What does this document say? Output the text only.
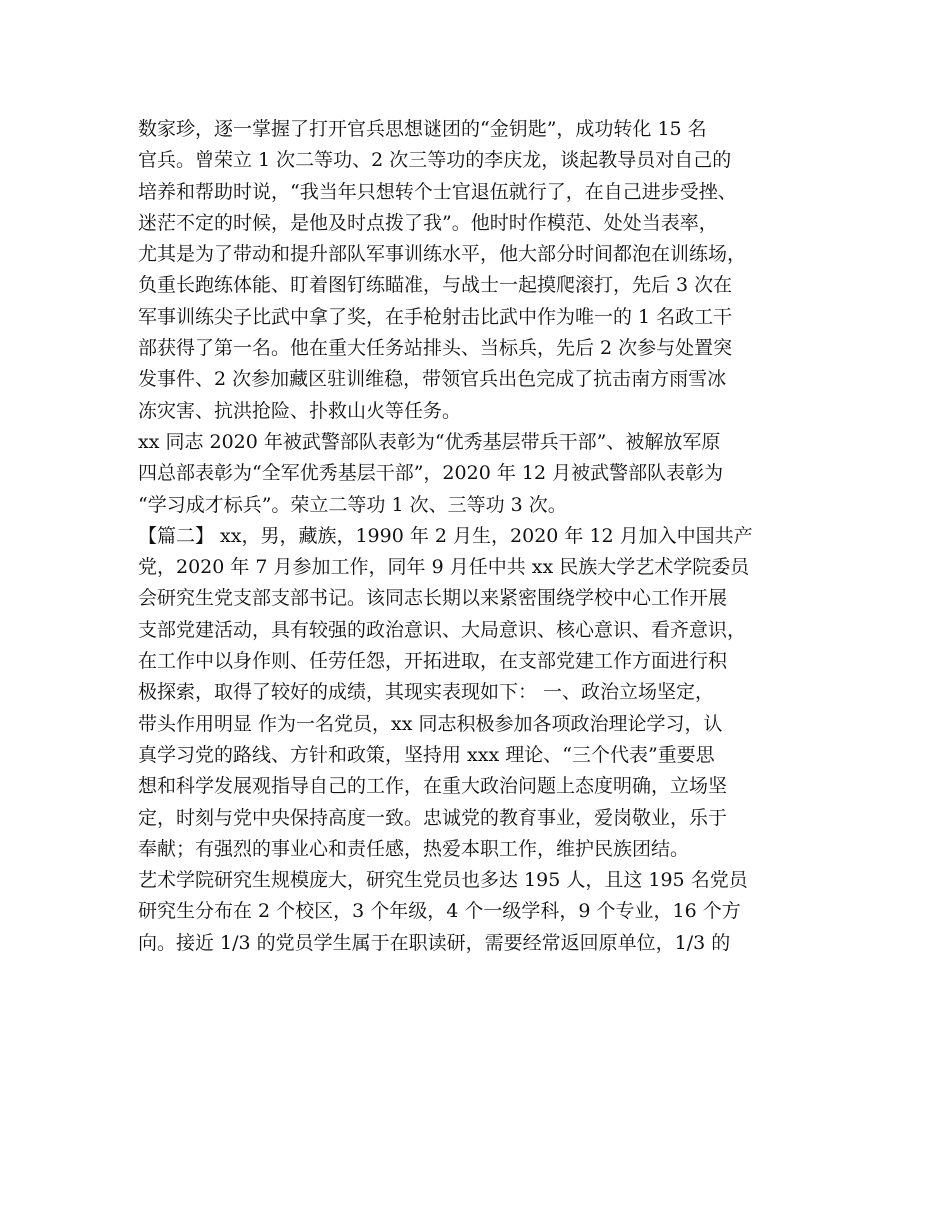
数家珍，逐一掌握了打开官兵思想谜团的“金钥匙”，成功转化 15 名
官兵。曾荣立 1 次二等功、2 次三等功的李庆龙，谈起教导员对自己的
培养和帮助时说，“我当年只想转个士官退伍就行了，在自己进步受挫、
迷茫不定的时候，是他及时点拨了我”。他时时作模范、处处当表率，
尤其是为了带动和提升部队军事训练水平，他大部分时间都泡在训练场，
负重长跑练体能、盯着图钉练瞄准，与战士一起摸爬滚打，先后 3 次在
军事训练尖子比武中拿了奖，在手枪射击比武中作为唯一的 1 名政工干
部获得了第一名。他在重大任务站排头、当标兵，先后 2 次参与处置突
发事件、2 次参加藏区驻训维稳，带领官兵出色完成了抗击南方雨雪冰
冻灾害、抗洪抢险、扑救山火等任务。
xx 同志 2020 年被武警部队表彰为“优秀基层带兵干部”、被解放军原
四总部表彰为“全军优秀基层干部”，2020 年 12 月被武警部队表彰为
“学习成才标兵”。荣立二等功 1 次、三等功 3 次。
【篇二】 xx，男，藏族，1990 年 2 月生，2020 年 12 月加入中国共产
党，2020 年 7 月参加工作，同年 9 月任中共 xx 民族大学艺术学院委员
会研究生党支部支部书记。该同志长期以来紧密围绕学校中心工作开展
支部党建活动，具有较强的政治意识、大局意识、核心意识、看齐意识，
在工作中以身作则、任劳任怨，开拓进取，在支部党建工作方面进行积
极探索，取得了较好的成绩，其现实表现如下： 一、政治立场坚定，
带头作用明显 作为一名党员，xx 同志积极参加各项政治理论学习，认
真学习党的路线、方针和政策，坚持用 xxx 理论、“三个代表”重要思
想和科学发展观指导自己的工作，在重大政治问题上态度明确，立场坚
定，时刻与党中央保持高度一致。忠诚党的教育事业，爱岗敬业，乐于
奉献；有强烈的事业心和责任感，热爱本职工作，维护民族团结。
艺术学院研究生规模庞大，研究生党员也多达 195 人，且这 195 名党员
研究生分布在 2 个校区，3 个年级，4 个一级学科，9 个专业，16 个方
向。接近 1/3 的党员学生属于在职读研，需要经常返回原单位，1/3 的
